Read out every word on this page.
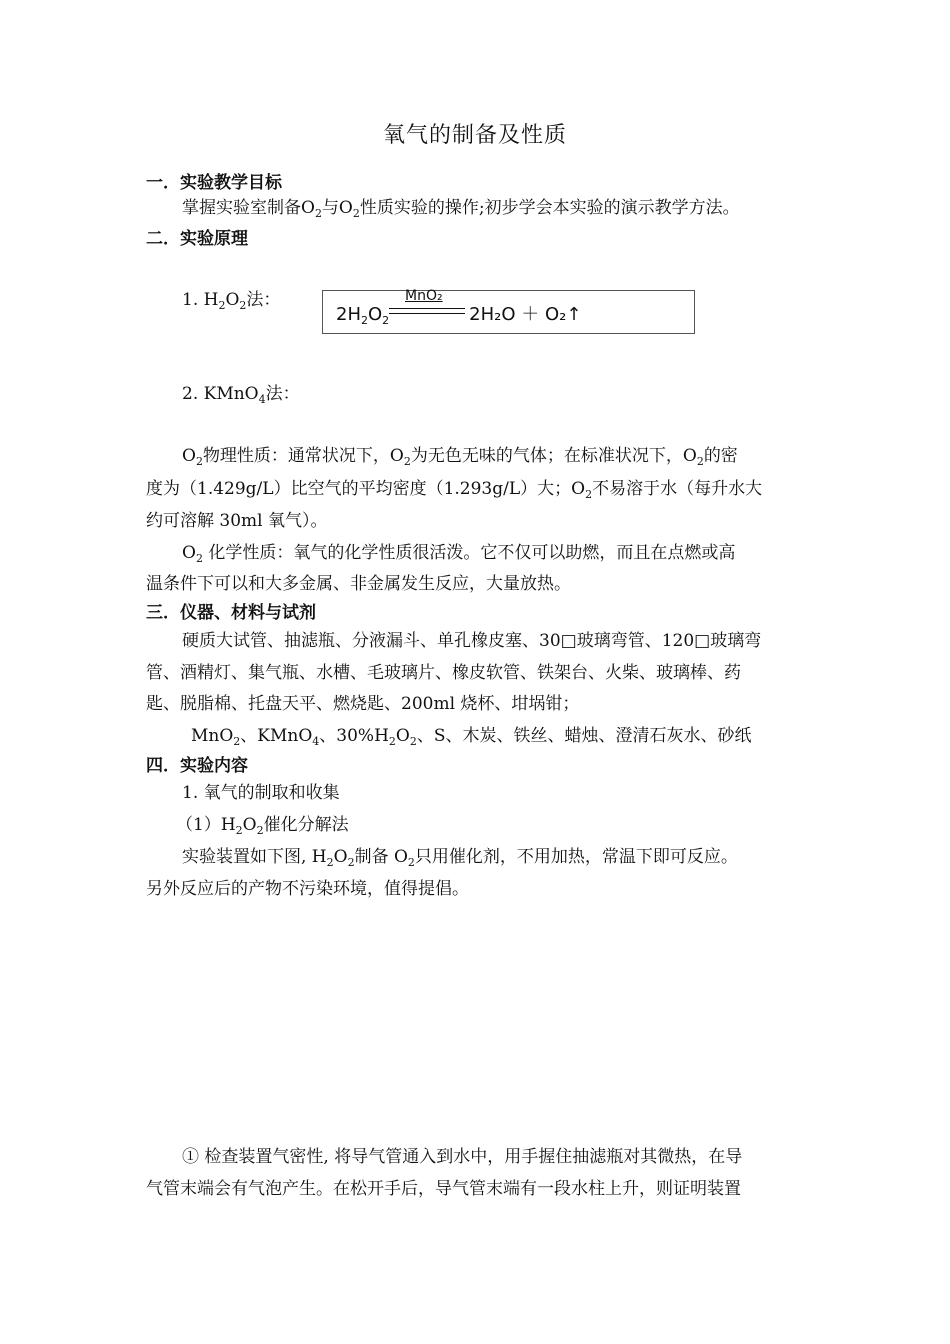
氧气的制备及性质
一．实验教学目标
掌握实验室制备$O_2$与$O_2$性质实验的操作;初步学会本实验的演示教学方法。
二．实验原理
1. $H_2O_2$法：	MnO₂
$2H_2O_2$	2H₂O ＋ O₂↑
2. KMnO$_4$法：
$O_2$物理性质：通常状况下，$O_2$为无色无味的气体；在标准状况下，$O_2$的密
度为（1.429g/L）比空气的平均密度（1.293g/L）大；$O_2$不易溶于水（每升水大
约可溶解 30ml 氧气）。
$O_2$ 化学性质：氧气的化学性质很活泼。它不仅可以助燃，而且在点燃或高
温条件下可以和大多金属、非金属发生反应，大量放热。
三．仪器、材料与试剂
硬质大试管、抽滤瓶、分液漏斗、单孔橡皮塞、30□玻璃弯管、120□玻璃弯
管、酒精灯、集气瓶、水槽、毛玻璃片、橡皮软管、铁架台、火柴、玻璃棒、药
匙、脱脂棉、托盘天平、燃烧匙、200ml 烧杯、坩埚钳；
MnO$_2$、KMnO$_4$、$30\%H_2O_2$、S、木炭、铁丝、蜡烛、澄清石灰水、砂纸
四．实验内容
1. 氧气的制取和收集
$(1)H_2O_2$催化分解法
实验装置如下图, $H_2O_2$制备 $O_2$只用催化剂，不用加热，常温下即可反应。
另外反应后的产物不污染环境，值得提倡。
① 检查装置气密性, 将导气管通入到水中，用手握住抽滤瓶对其微热，在导
气管末端会有气泡产生。在松开手后，导气管末端有一段水柱上升，则证明装置
